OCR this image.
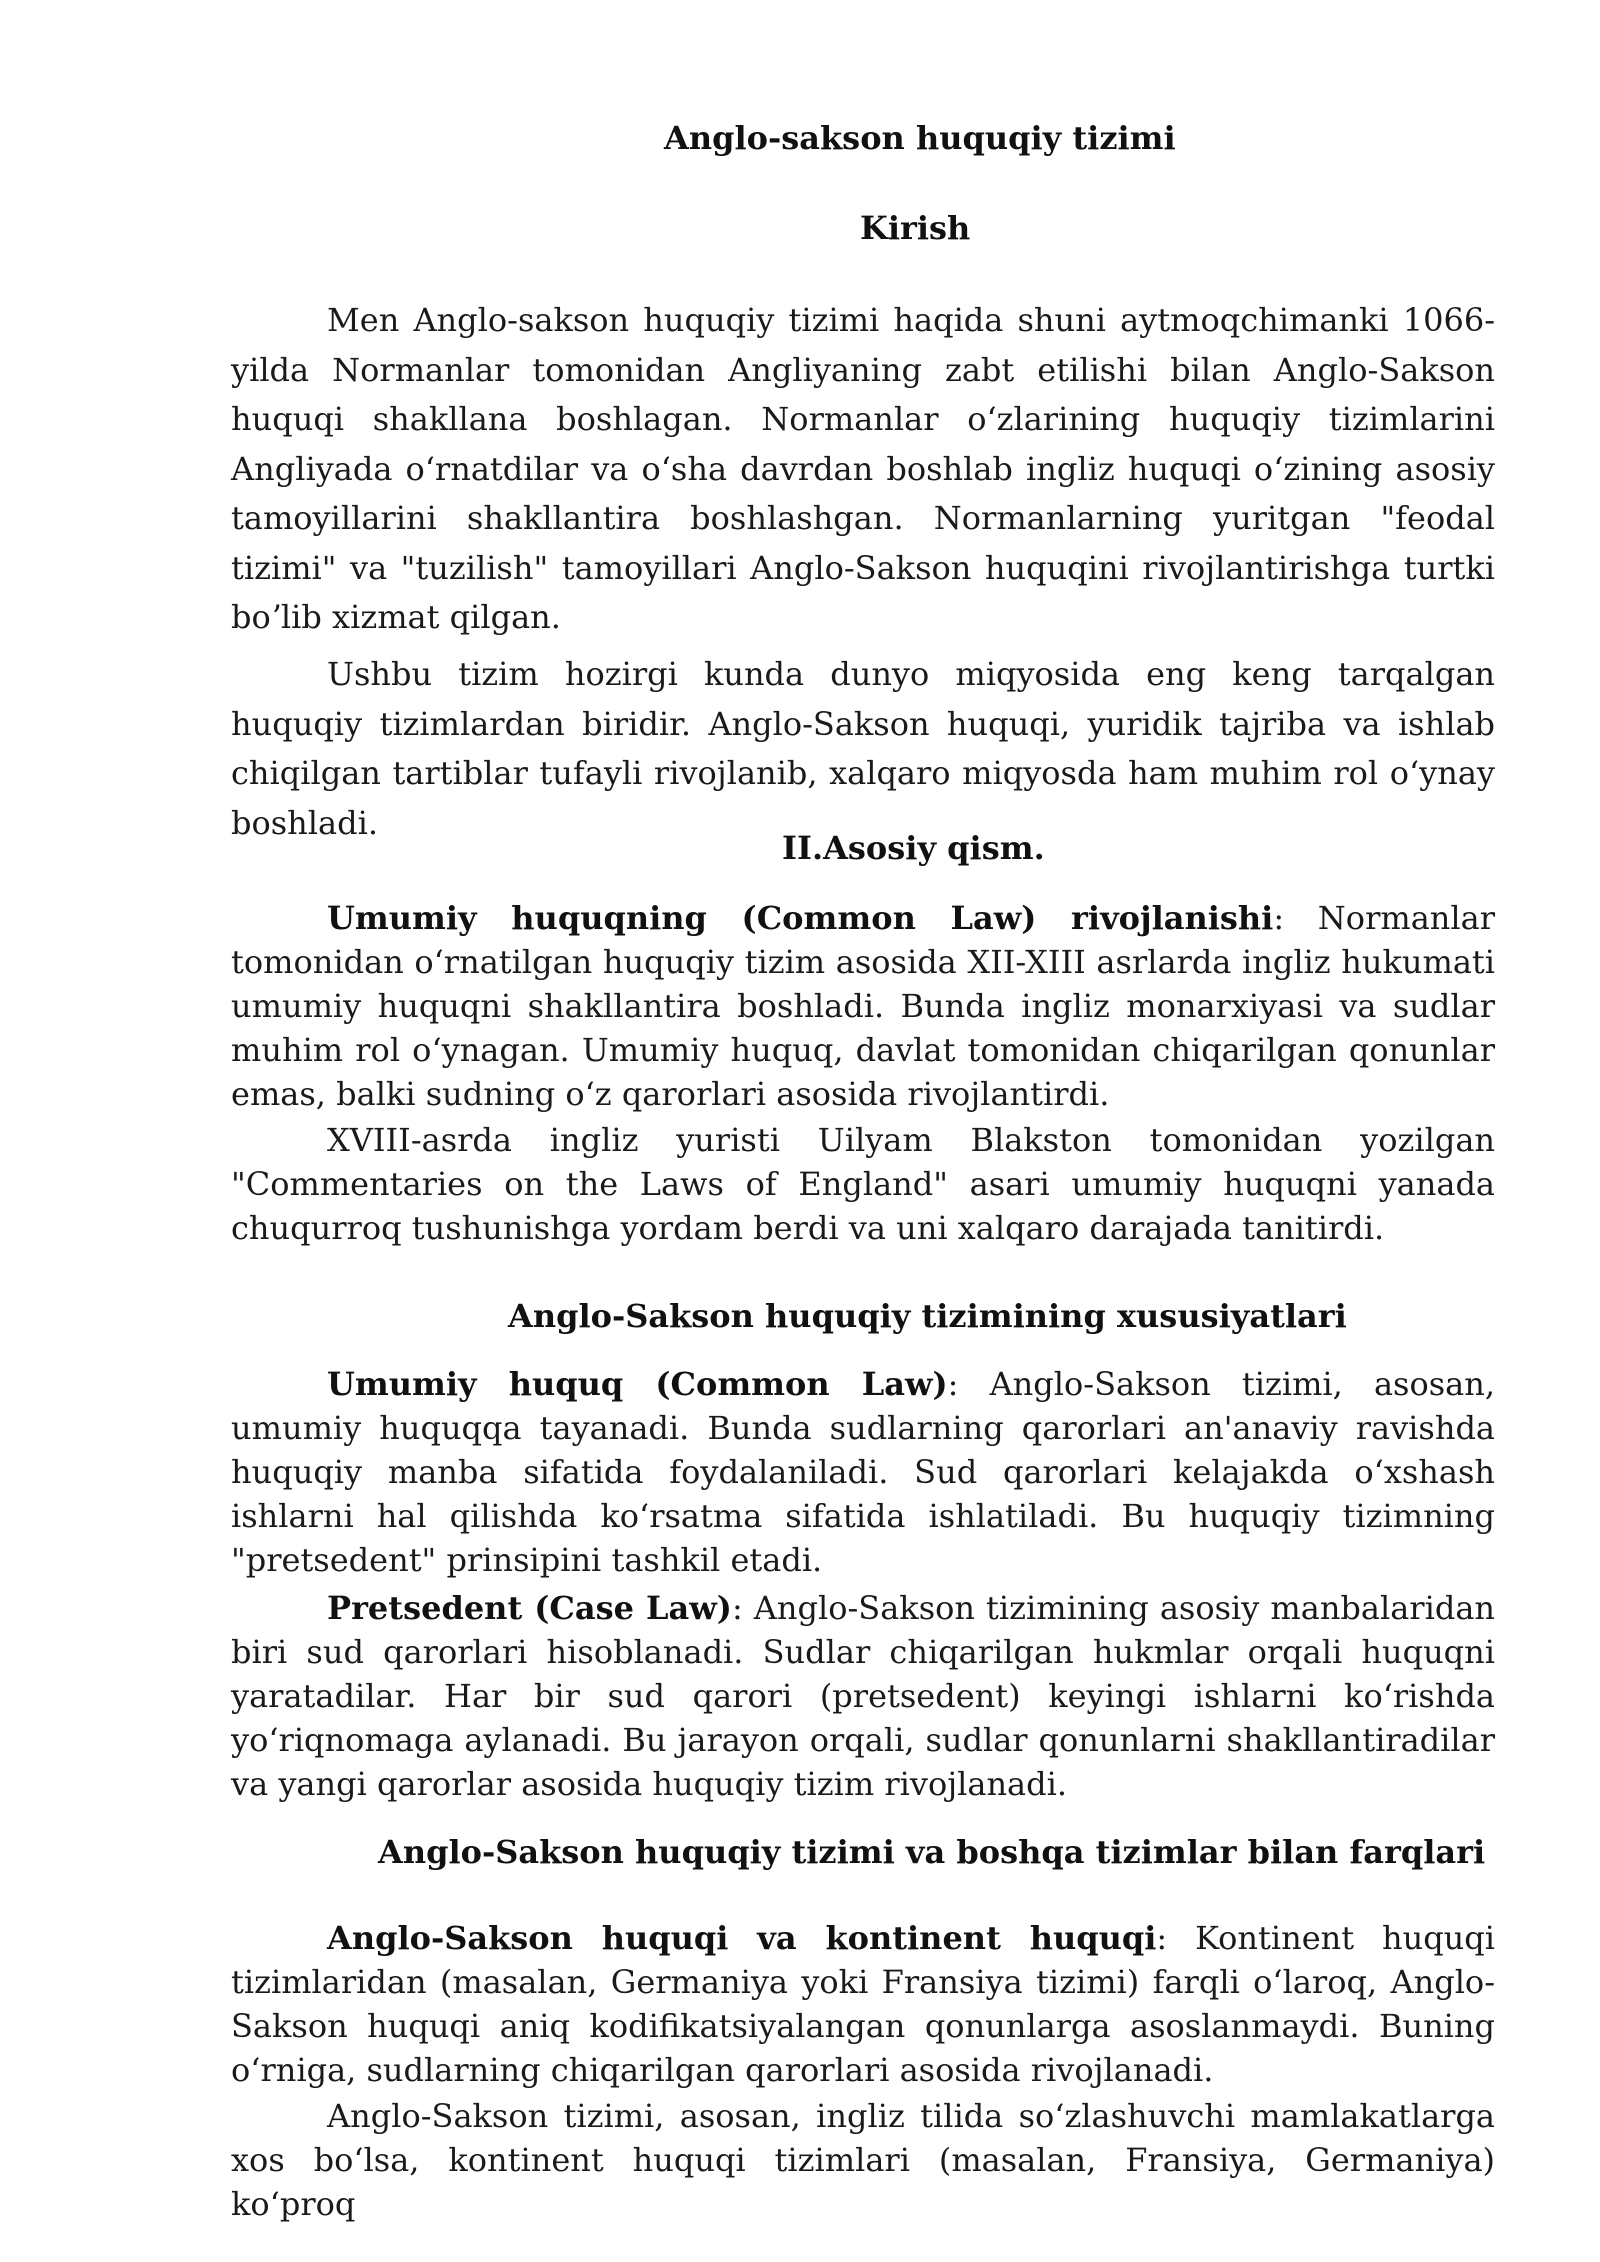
Anglo-sakson huquqiy tizimi
Kirish

Men Anglo-sakson huquqiy tizimi haqida shuni aytmoqchimanki 1066-yilda Normanlar tomonidan Angliyaning zabt etilishi bilan Anglo-Sakson huquqi shakllana boshlagan. Normanlar oʻzlarining huquqiy tizimlarini Angliyada oʻrnatdilar va oʻsha davrdan boshlab ingliz huquqi oʻzining asosiy tamoyillarini shakllantira boshlashgan. Normanlarning yuritgan "feodal tizimi" va "tuzilish" tamoyillari Anglo-Sakson huquqini rivojlantirishga turtki boʼlib xizmat qilgan.

Ushbu tizim hozirgi kunda dunyo miqyosida eng keng tarqalgan huquqiy tizimlardan biridir. Anglo-Sakson huquqi, yuridik tajriba va ishlab chiqilgan tartiblar tufayli rivojlanib, xalqaro miqyosda ham muhim rol oʻynay boshladi.

II.Asosiy qism.

Umumiy huquqning (Common Law) rivojlanishi: Normanlar tomonidan oʻrnatilgan huquqiy tizim asosida XII-XIII asrlarda ingliz hukumati umumiy huquqni shakllantira boshladi. Bunda ingliz monarxiyasi va sudlar muhim rol oʻynagan. Umumiy huquq, davlat tomonidan chiqarilgan qonunlar emas, balki sudning oʻz qarorlari asosida rivojlantirdi.

XVIII-asrda ingliz yuristi Uilyam Blakston tomonidan yozilgan "Commentaries on the Laws of England" asari umumiy huquqni yanada chuqurroq tushunishga yordam berdi va uni xalqaro darajada tanitirdi.

Anglo-Sakson huquqiy tizimining xususiyatlari

Umumiy huquq (Common Law): Anglo-Sakson tizimi, asosan, umumiy huquqqa tayanadi. Bunda sudlarning qarorlari an'anaviy ravishda huquqiy manba sifatida foydalaniladi. Sud qarorlari kelajakda oʻxshash ishlarni hal qilishda koʻrsatma sifatida ishlatiladi. Bu huquqiy tizimning "pretsedent" prinsipini tashkil etadi.

Pretsedent (Case Law): Anglo-Sakson tizimining asosiy manbalaridan biri sud qarorlari hisoblanadi. Sudlar chiqarilgan hukmlar orqali huquqni yaratadilar. Har bir sud qarori (pretsedent) keyingi ishlarni koʻrishda yoʻriqnomaga aylanadi. Bu jarayon orqali, sudlar qonunlarni shakllantiradilar va yangi qarorlar asosida huquqiy tizim rivojlanadi.

Anglo-Sakson huquqiy tizimi va boshqa tizimlar bilan farqlari

Anglo-Sakson huquqi va kontinent huquqi: Kontinent huquqi tizimlaridan (masalan, Germaniya yoki Fransiya tizimi) farqli oʻlaroq, Anglo-Sakson huquqi aniq kodifikatsiyalangan qonunlarga asoslanmaydi. Buning oʻrniga, sudlarning chiqarilgan qarorlari asosida rivojlanadi.

Anglo-Sakson tizimi, asosan, ingliz tilida soʻzlashuvchi mamlakatlarga xos boʻlsa, kontinent huquqi tizimlari (masalan, Fransiya, Germaniya) koʻproq
